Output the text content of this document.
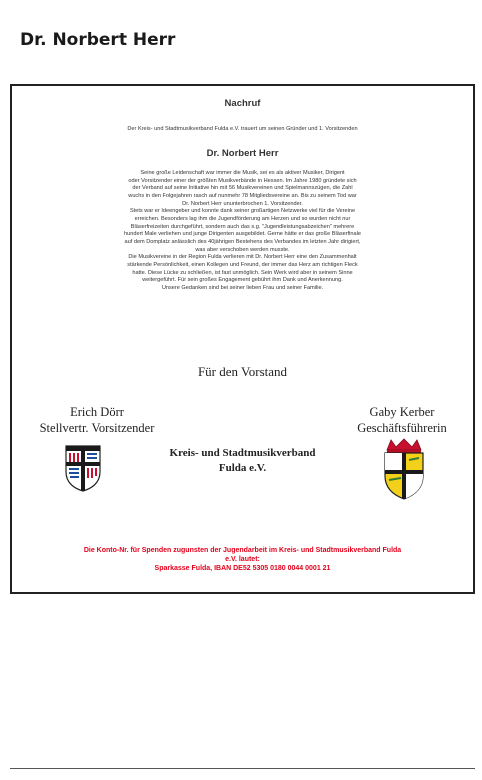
Dr. Norbert Herr
Nachruf
Der Kreis- und Stadtmusikverband Fulda e.V. trauert um seinen Gründer und 1. Vorsitzenden
Dr. Norbert Herr
Seine große Leidenschaft war immer die Musik, sei es als aktiver Musiker, Dirigent
oder Vorsitzender einer der größten Musikverbände in Hessen. Im Jahre 1980 gründete sich
der Verband auf seine Initiative hin mit 56 Musikvereinen und Spielmannszügen, die Zahl
wuchs in den Folgejahren rasch auf nunmehr 78 Mitgliedsvereine an. Bis zu seinem Tod war
Dr. Norbert Herr ununterbrochen 1. Vorsitzender.
Stets war er Ideengeber und konnte dank seiner großartigen Netzwerke viel für die Vereine
erreichen. Besonders lag ihm die Jugendförderung am Herzen und so wurden nicht nur
Bläserfreizeiten durchgeführt, sondern auch das s.g. "Jugendleistungsabzeichen" mehrere
hundert Male verliehen und junge Dirigenten ausgebildet. Gerne hätte er das große Bläserfinale
auf dem Domplatz anlässlich des 40jährigen Bestehens des Verbandes im letzten Jahr dirigiert,
was aber verschoben werden musste.
Die Musikvereine in der Region Fulda verlieren mit Dr. Norbert Herr eine den Zusammenhalt
stärkende Persönlichkeit, einen Kollegen und Freund, der immer das Herz am richtigen Fleck
hatte. Diese Lücke zu schließen, ist fast unmöglich. Sein Werk wird aber in seinem Sinne
weitergeführt. Für sein großes Engagement gebührt ihm Dank und Anerkennung.
Unsere Gedanken sind bei seiner lieben Frau und seiner Familie.
Für den Vorstand
Erich Dörr
Stellvertr. Vorsitzender
Gaby Kerber
Geschäftsführerin
Kreis- und Stadtmusikverband
Fulda e.V.
Die Konto-Nr. für Spenden zugunsten der Jugendarbeit im Kreis- und Stadtmusikverband Fulda
e.V. lautet:
Sparkasse Fulda, IBAN DE52 5305 0180 0044 0001 21
